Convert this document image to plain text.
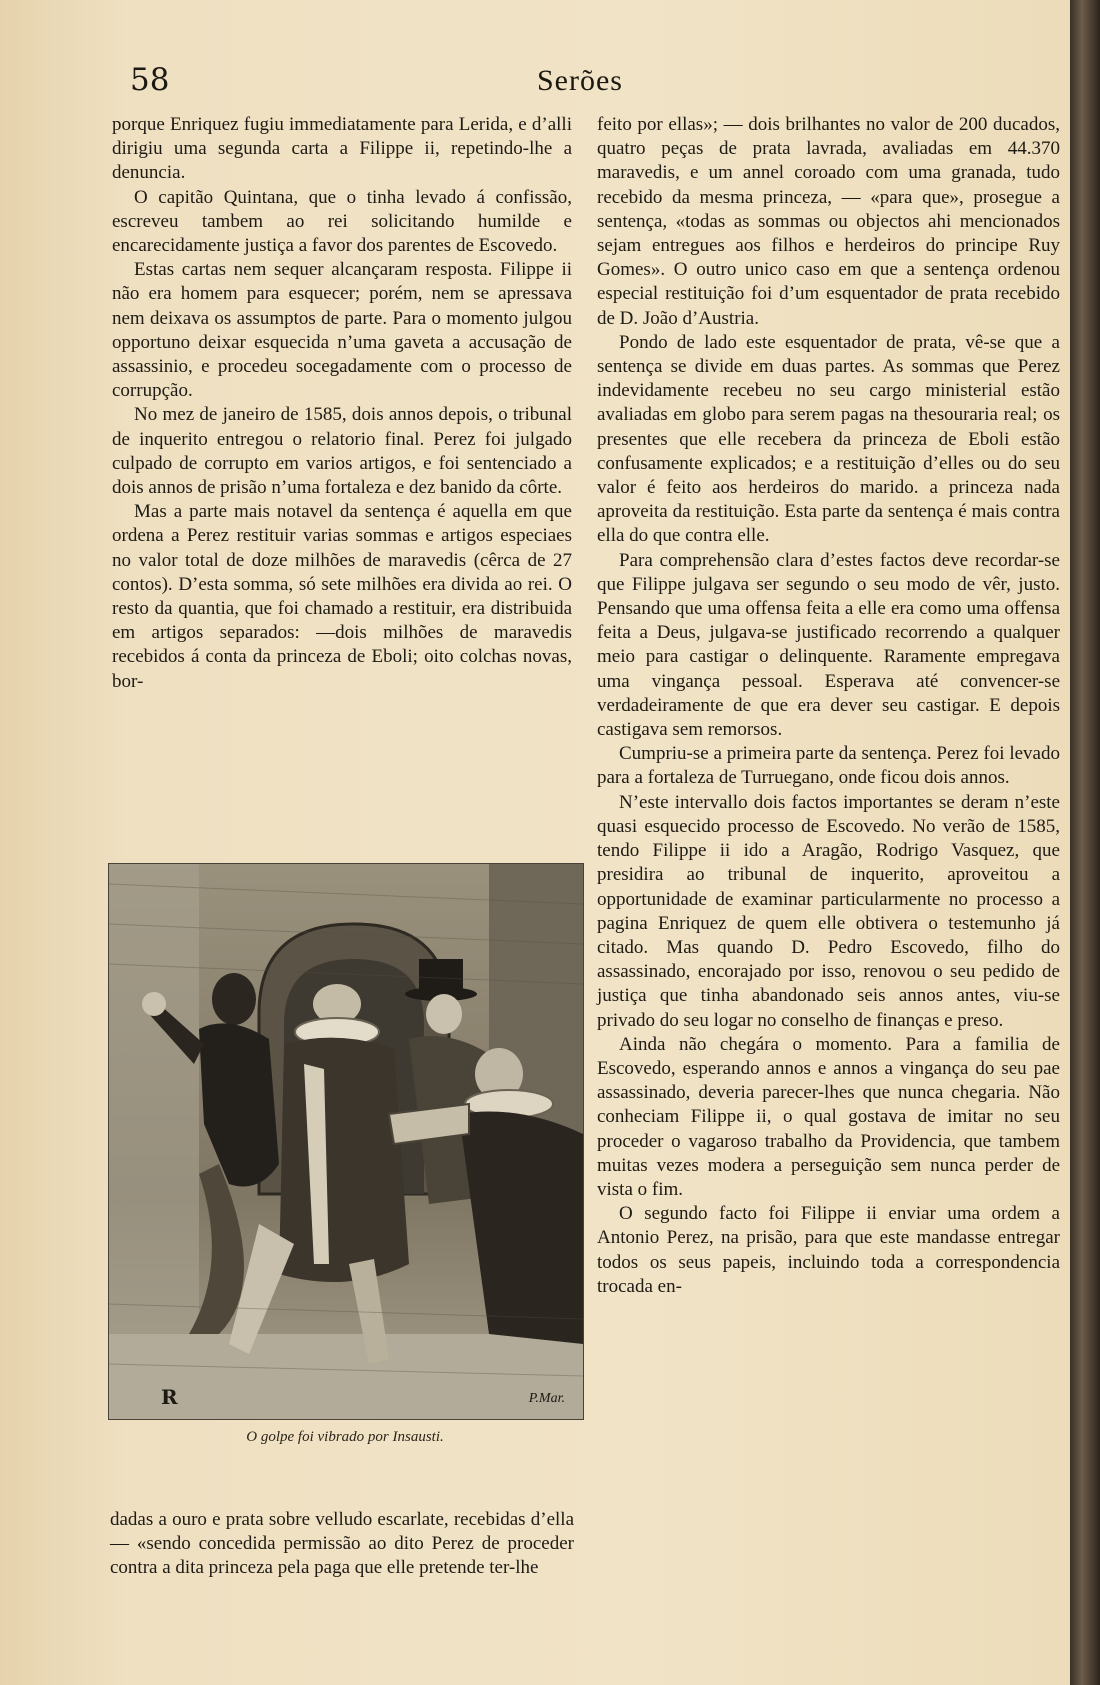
58	Serões

porque Enriquez fugiu immediatamente para Lerida, e d’alli dirigiu uma segunda carta a Filippe ii, repetindo-lhe a denuncia.

O capitão Quintana, que o tinha levado á confissão, escreveu tambem ao rei solicitando humilde e encarecidamente justiça a favor dos parentes de Escovedo.

Estas cartas nem sequer alcançaram resposta. Filippe ii não era homem para esquecer; porém, nem se apressava nem deixava os assumptos de parte. Para o momento julgou opportuno deixar esquecida n’uma gaveta a accusação de assassinio, e procedeu socegadamente com o processo de corrupção.

No mez de janeiro de 1585, dois annos depois, o tribunal de inquerito entregou o relatorio final. Perez foi julgado culpado de corrupto em varios artigos, e foi sentenciado a dois annos de prisão n’uma fortaleza e dez banido da côrte.

Mas a parte mais notavel da sentença é aquella em que ordena a Perez restituir varias sommas e artigos especiaes no valor total de doze milhões de maravedis (cêrca de 27 contos). D’esta somma, só sete milhões era divida ao rei. O resto da quantia, que foi chamado a restituir, era distribuida em artigos separados: —dois milhões de maravedis recebidos á conta da princeza de Eboli; oito colchas novas, bor-

R	P.Mar.
O golpe foi vibrado por Insausti.

dadas a ouro e prata sobre velludo escarlate, recebidas d’ella — «sendo concedida permissão ao dito Perez de proceder contra a dita princeza pela paga que elle pretende ter-lhe

feito por ellas»; — dois brilhantes no valor de 200 ducados, quatro peças de prata lavrada, avaliadas em 44.370 maravedis, e um annel coroado com uma granada, tudo recebido da mesma princeza, — «para que», prosegue a sentença, «todas as sommas ou objectos ahi mencionados sejam entregues aos filhos e herdeiros do principe Ruy Gomes». O outro unico caso em que a sentença ordenou especial restituição foi d’um esquentador de prata recebido de D. João d’Austria.

Pondo de lado este esquentador de prata, vê-se que a sentença se divide em duas partes. As sommas que Perez indevidamente recebeu no seu cargo ministerial estão avaliadas em globo para serem pagas na thesouraria real; os presentes que elle recebera da princeza de Eboli estão confusamente explicados; e a restituição d’elles ou do seu valor é feito aos herdeiros do marido. a princeza nada aproveita da restituição. Esta parte da sentença é mais contra ella do que contra elle.

Para comprehensão clara d’estes factos deve recordar-se que Filippe julgava ser segundo o seu modo de vêr, justo. Pensando que uma offensa feita a elle era como uma offensa feita a Deus, julgava-se justificado recorrendo a qualquer meio para castigar o delinquente. Raramente empregava uma vingança pessoal. Esperava até convencer-se verdadeiramente de que era dever seu castigar. E depois castigava sem remorsos.

Cumpriu-se a primeira parte da sentença. Perez foi levado para a fortaleza de Turruegano, onde ficou dois annos.

N’este intervallo dois factos importantes se deram n’este quasi esquecido processo de Escovedo. No verão de 1585, tendo Filippe ii ido a Aragão, Rodrigo Vasquez, que presidira ao tribunal de inquerito, aproveitou a opportunidade de examinar particularmente no processo a pagina Enriquez de quem elle obtivera o testemunho já citado. Mas quando D. Pedro Escovedo, filho do assassinado, encorajado por isso, renovou o seu pedido de justiça que tinha abandonado seis annos antes, viu-se privado do seu logar no conselho de finanças e preso.

Ainda não chegára o momento. Para a familia de Escovedo, esperando annos e annos a vingança do seu pae assassinado, deveria parecer-lhes que nunca chegaria. Não conheciam Filippe ii, o qual gostava de imitar no seu proceder o vagaroso trabalho da Providencia, que tambem muitas vezes modera a perseguição sem nunca perder de vista o fim.

O segundo facto foi Filippe ii enviar uma ordem a Antonio Perez, na prisão, para que este mandasse entregar todos os seus papeis, incluindo toda a correspondencia trocada en-
